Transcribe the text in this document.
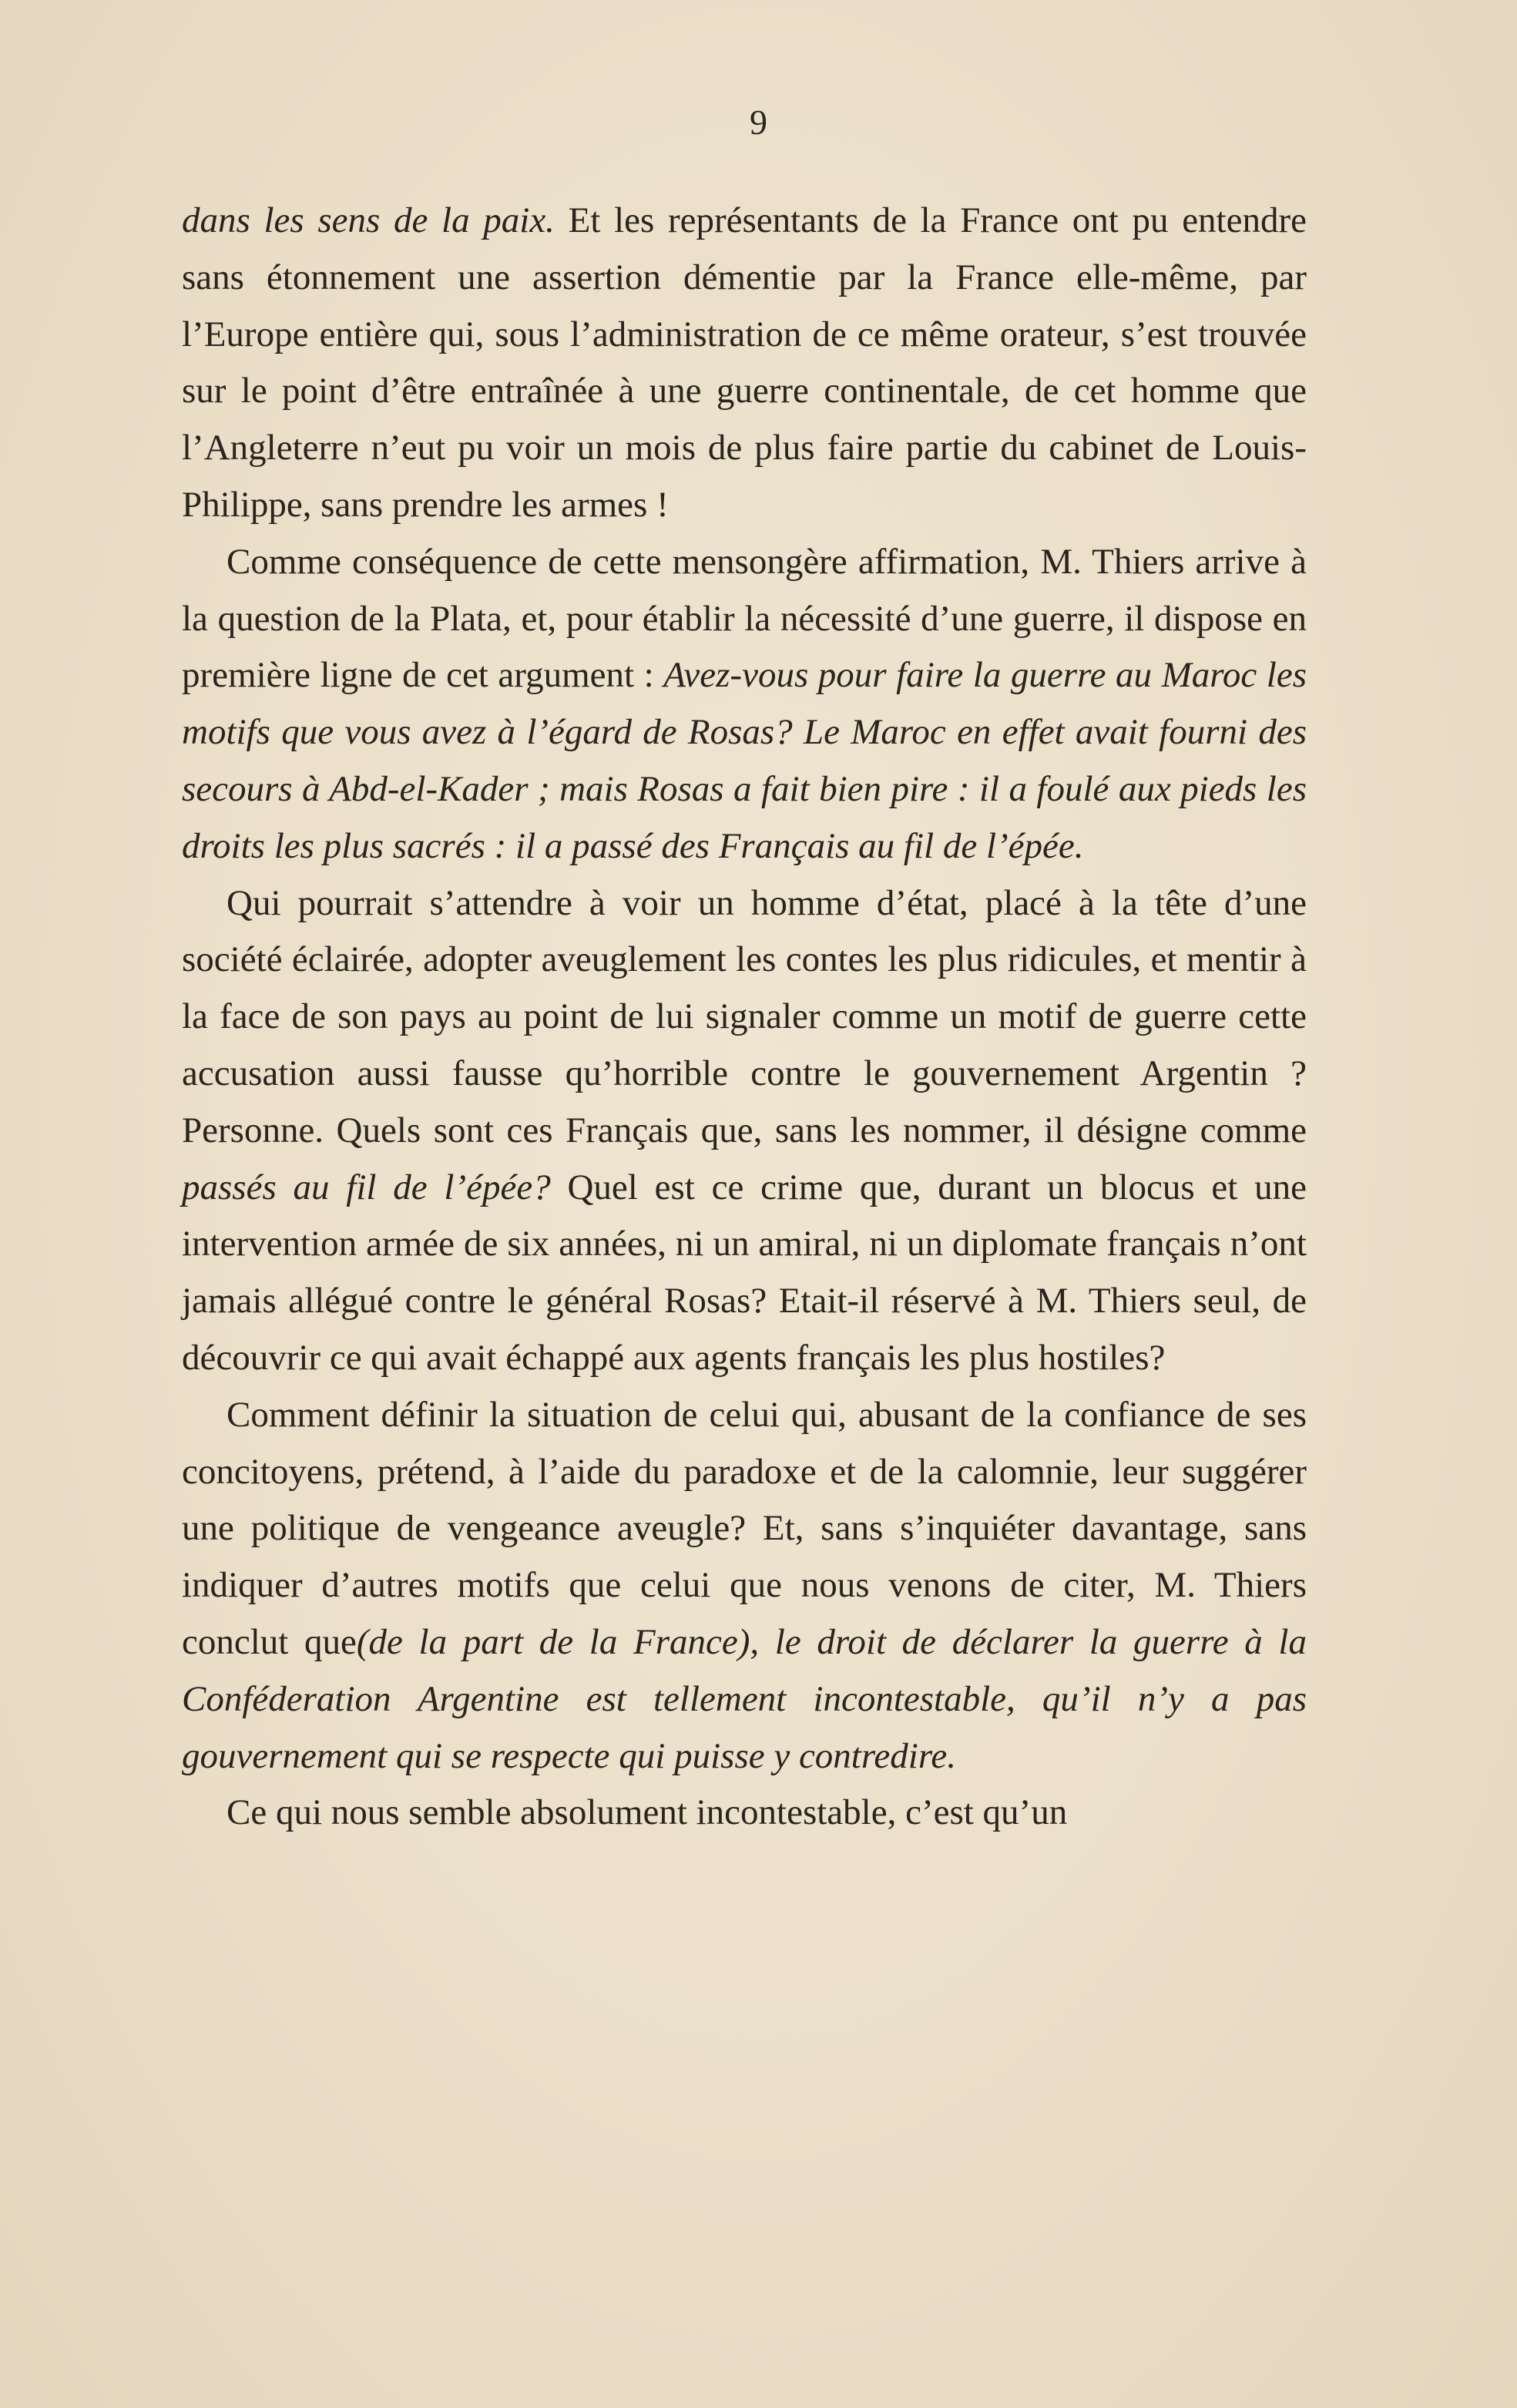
9

dans les sens de la paix. Et les représentants de la France ont pu entendre sans étonnement une assertion démentie par la France elle-même, par l’Europe entière qui, sous l’administration de ce même orateur, s’est trouvée sur le point d’être entraînée à une guerre continentale, de cet homme que l’Angleterre n’eut pu voir un mois de plus faire partie du cabinet de Louis-Philippe, sans prendre les armes !

Comme conséquence de cette mensongère affirmation, M. Thiers arrive à la question de la Plata, et, pour établir la nécessité d’une guerre, il dispose en première ligne de cet argument : Avez-vous pour faire la guerre au Maroc les motifs que vous avez à l’égard de Rosas? Le Maroc en effet avait fourni des secours à Abd-el-Kader ; mais Rosas a fait bien pire : il a foulé aux pieds les droits les plus sacrés : il a passé des Français au fil de l’épée.

Qui pourrait s’attendre à voir un homme d’état, placé à la tête d’une société éclairée, adopter aveuglement les contes les plus ridicules, et mentir à la face de son pays au point de lui signaler comme un motif de guerre cette accusation aussi fausse qu’horrible contre le gouvernement Argentin ? Personne. Quels sont ces Français que, sans les nommer, il désigne comme passés au fil de l’épée? Quel est ce crime que, durant un blocus et une intervention armée de six années, ni un amiral, ni un diplomate français n’ont jamais allégué contre le général Rosas? Etait-il réservé à M. Thiers seul, de découvrir ce qui avait échappé aux agents français les plus hostiles?

Comment définir la situation de celui qui, abusant de la confiance de ses concitoyens, prétend, à l’aide du paradoxe et de la calomnie, leur suggérer une politique de vengeance aveugle? Et, sans s’inquiéter davantage, sans indiquer d’autres motifs que celui que nous venons de citer, M. Thiers conclut que(de la part de la France), le droit de déclarer la guerre à la Conféderation Argentine est tellement incontestable, qu’il n’y a pas gouvernement qui se respecte qui puisse y contredire.

Ce qui nous semble absolument incontestable, c’est qu’un
